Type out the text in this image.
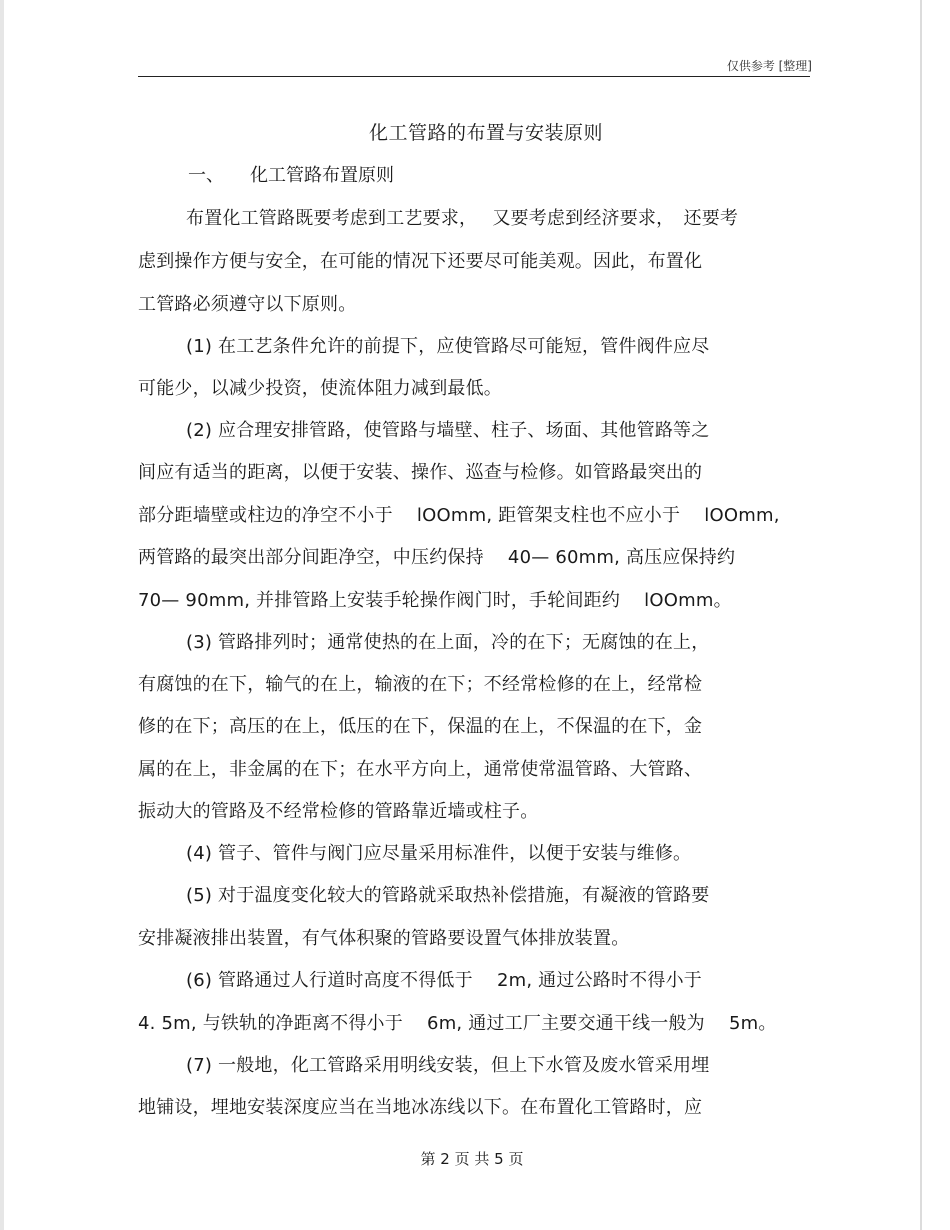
仅供参考 [整理]
化工管路的布置与安装原则
一、 化工管路布置原则
布置化工管路既要考虑到工艺要求，　 又要考虑到经济要求，　还要考
虑到操作方便与安全，在可能的情况下还要尽可能美观。因此，布置化
工管路必须遵守以下原则。
(1) 在工艺条件允许的前提下，应使管路尽可能短，管件阀件应尽
可能少，以减少投资，使流体阻力减到最低。
(2) 应合理安排管路，使管路与墙壁、柱子、场面、其他管路等之
间应有适当的距离，以便于安装、操作、巡查与检修。如管路最突出的
部分距墙壁或柱边的净空不小于　 lOOmm, 距管架支柱也不应小于　 lOOmm,
两管路的最突出部分间距净空，中压约保持　 40— 60mm, 高压应保持约
70— 90mm, 并排管路上安装手轮操作阀门时，手轮间距约　 lOOmm。
(3) 管路排列时；通常使热的在上面，冷的在下；无腐蚀的在上，
有腐蚀的在下，输气的在上，输液的在下；不经常检修的在上，经常检
修的在下；高压的在上，低压的在下，保温的在上，不保温的在下，金
属的在上，非金属的在下；在水平方向上，通常使常温管路、大管路、
振动大的管路及不经常检修的管路靠近墙或柱子。
(4) 管子、管件与阀门应尽量采用标准件，以便于安装与维修。
(5) 对于温度变化较大的管路就采取热补偿措施，有凝液的管路要
安排凝液排出装置，有气体积聚的管路要设置气体排放装置。
(6) 管路通过人行道时高度不得低于　 2m, 通过公路时不得小于
4. 5m, 与铁轨的净距离不得小于　 6m, 通过工厂主要交通干线一般为　 5m。
(7) 一般地，化工管路采用明线安装，但上下水管及废水管采用埋
地铺设，埋地安装深度应当在当地冰冻线以下。在布置化工管路时，应
第 2 页 共 5 页
